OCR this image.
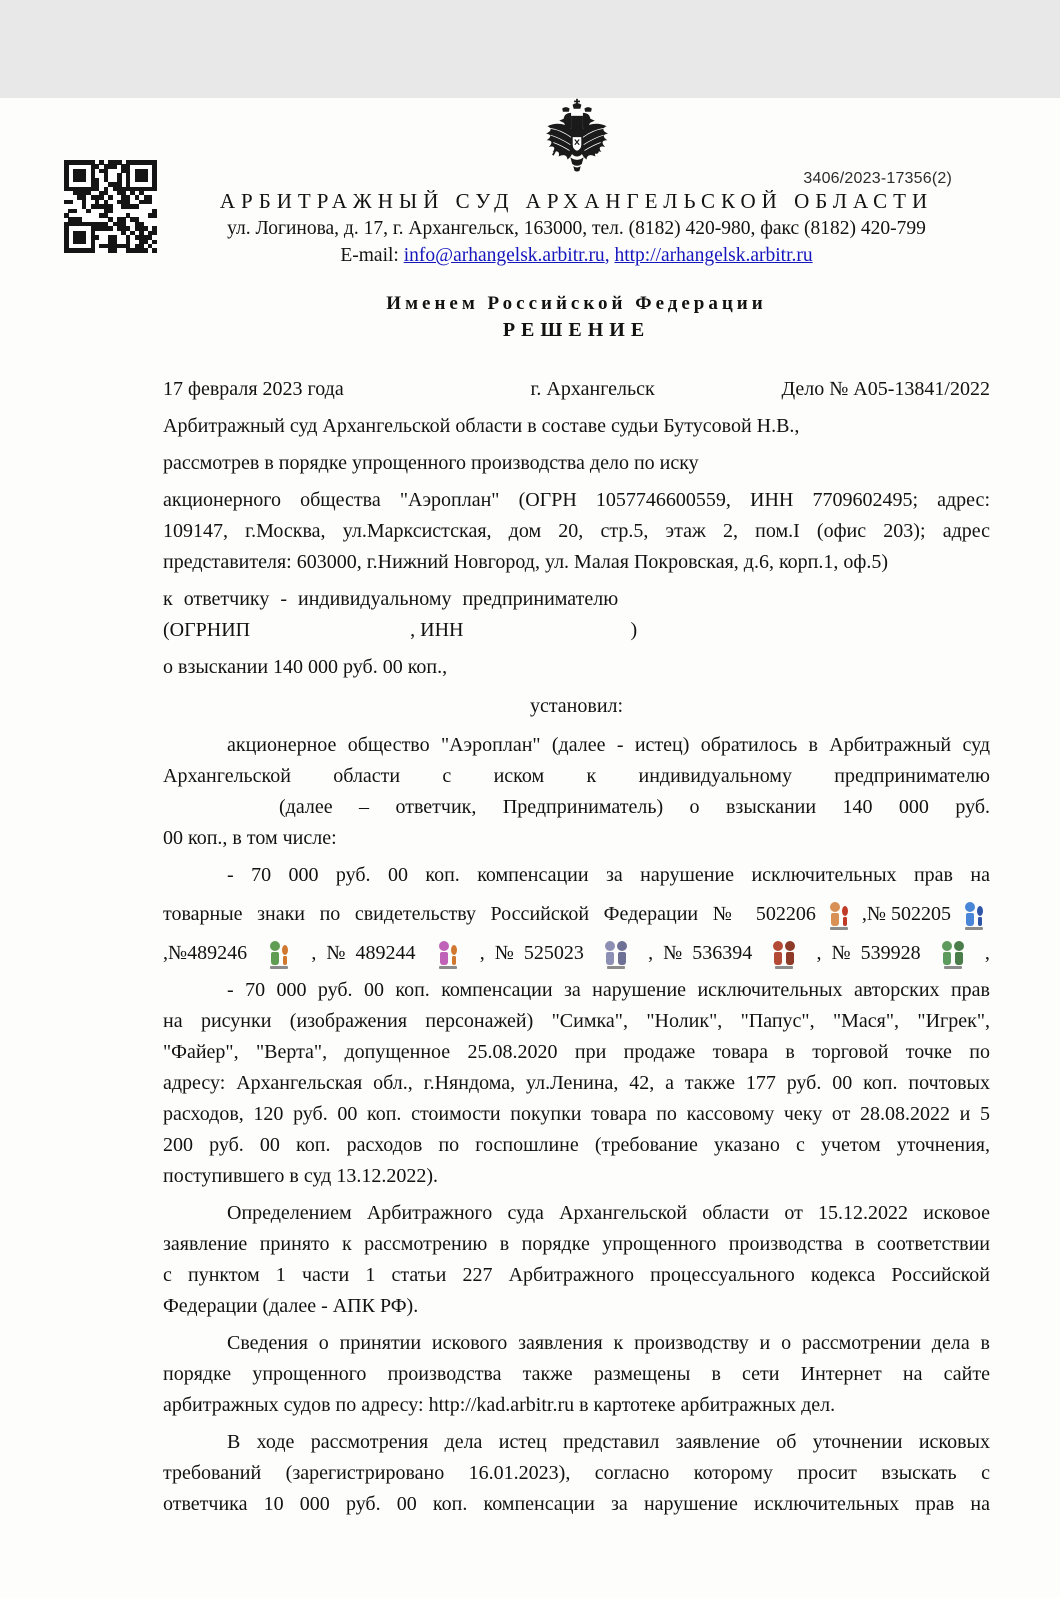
3406/2023-17356(2)
АРБИТРАЖНЫЙ СУД АРХАНГЕЛЬСКОЙ ОБЛАСТИ
ул. Логинова, д. 17, г. Архангельск, 163000, тел. (8182) 420-980, факс (8182) 420-799
E-mail: info@arhangelsk.arbitr.ru, http://arhangelsk.arbitr.ru
Именем Российской Федерации
РЕШЕНИЕ
17 февраля 2023 года	г. Архангельск	Дело № А05-13841/2022
Арбитражный суд Архангельской области в составе судьи Бутусовой Н.В.,
рассмотрев в порядке упрощенного производства дело по иску
акционерного общества "Аэроплан" (ОГРН 1057746600559, ИНН 7709602495; адрес:
109147, г.Москва, ул.Марксистская, дом 20, стр.5, этаж 2, пом.I (офис 203); адрес
представителя: 603000, г.Нижний Новгород, ул. Малая Покровская, д.6, корп.1, оф.5)
к ответчику - индивидуальному предпринимателю
(ОГРНИП	, ИНН	)
о взыскании 140 000 руб. 00 коп.,
установил:
акционерное общество "Аэроплан" (далее - истец) обратилось в Арбитражный суд
Архангельской области с иском к индивидуальному предпринимателю
(далее – ответчик, Предприниматель) о взыскании 140 000 руб.
00 коп., в том числе:
- 70 000 руб. 00 коп. компенсации за нарушение исключительных прав на
товарные знаки по свидетельству Российской Федерации № 502206 ,№ 502205
,№489246	, № 489244	, № 525023	, № 536394	, № 539928	,
- 70 000 руб. 00 коп. компенсации за нарушение исключительных авторских прав
на рисунки (изображения персонажей) "Симка", "Нолик", "Папус", "Мася", "Игрек",
"Файер", "Верта", допущенное 25.08.2020 при продаже товара в торговой точке по
адресу: Архангельская обл., г.Няндома, ул.Ленина, 42, а также 177 руб. 00 коп. почтовых
расходов, 120 руб. 00 коп. стоимости покупки товара по кассовому чеку от 28.08.2022 и 5
200 руб. 00 коп. расходов по госпошлине (требование указано с учетом уточнения,
поступившего в суд 13.12.2022).
Определением Арбитражного суда Архангельской области от 15.12.2022 исковое
заявление принято к рассмотрению в порядке упрощенного производства в соответствии
с пунктом 1 части 1 статьи 227 Арбитражного процессуального кодекса Российской
Федерации (далее - АПК РФ).
Сведения о принятии искового заявления к производству и о рассмотрении дела в
порядке упрощенного производства также размещены в сети Интернет на сайте
арбитражных судов по адресу: http://kad.arbitr.ru в картотеке арбитражных дел.
В ходе рассмотрения дела истец представил заявление об уточнении исковых
требований (зарегистрировано 16.01.2023), согласно которому просит взыскать с
ответчика 10 000 руб. 00 коп. компенсации за нарушение исключительных прав на
